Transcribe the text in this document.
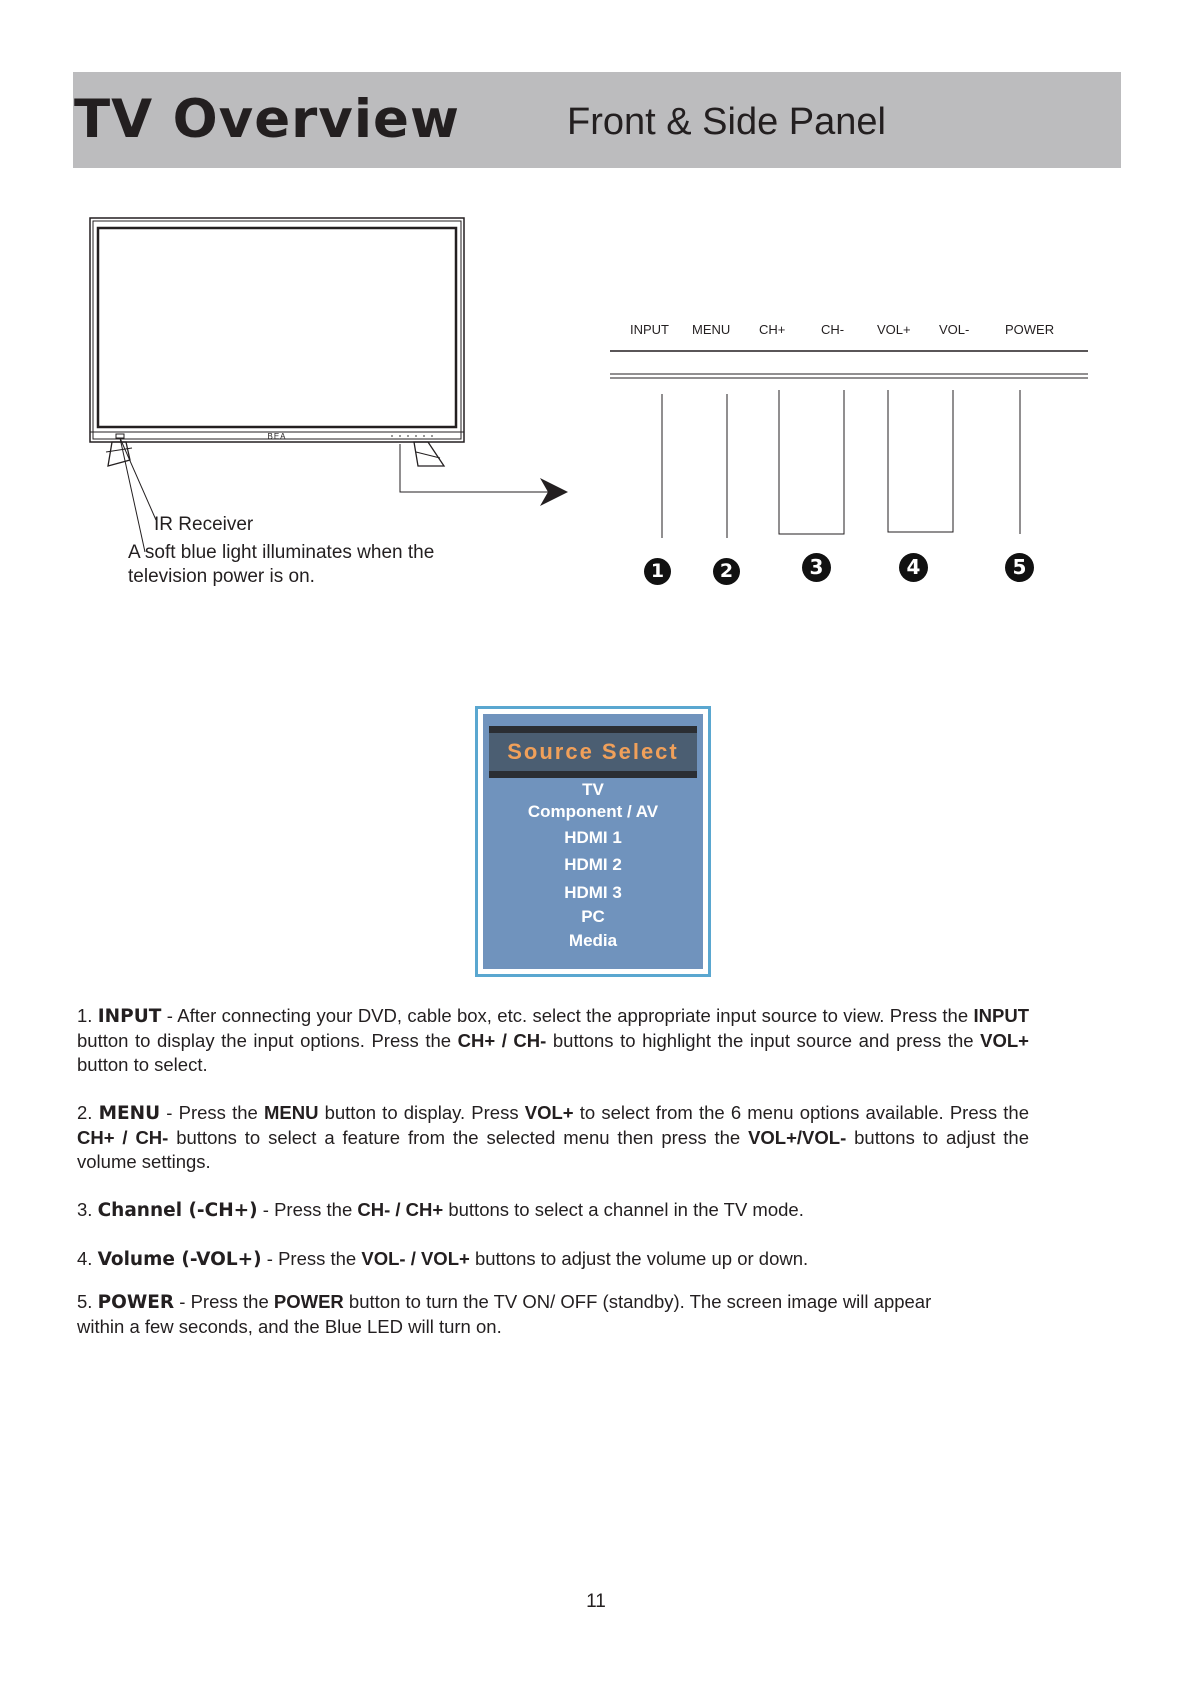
TV Overview	Front & Side Panel
BEA
INPUT MENU CH+	CH-	VOL+ VOL-	POWER
1	2	3	4	5
IR Receiver
A soft blue light illuminates when the television power is on.
Source Select
TV
Component / AV
HDMI 1
HDMI 2
HDMI 3
PC
Media

1. INPUT - After connecting your DVD, cable box, etc. select the appropriate input source to view. Press the INPUT button to display the input options. Press the CH+ / CH- buttons to highlight the input source and press the VOL+ button to select.

2. MENU - Press the MENU button to display. Press VOL+ to select from the 6 menu options available. Press the CH+ / CH- buttons to select a feature from the selected menu then press the VOL+/VOL- buttons to adjust the volume settings.

3. Channel (-CH+) - Press the CH- / CH+ buttons to select a channel in the TV mode.

4. Volume (-VOL+) - Press the VOL- / VOL+ buttons to adjust the volume up or down.

5. POWER - Press the POWER button to turn the TV ON/ OFF (standby). The screen image will appear within a few seconds, and the Blue LED will turn on.

11
